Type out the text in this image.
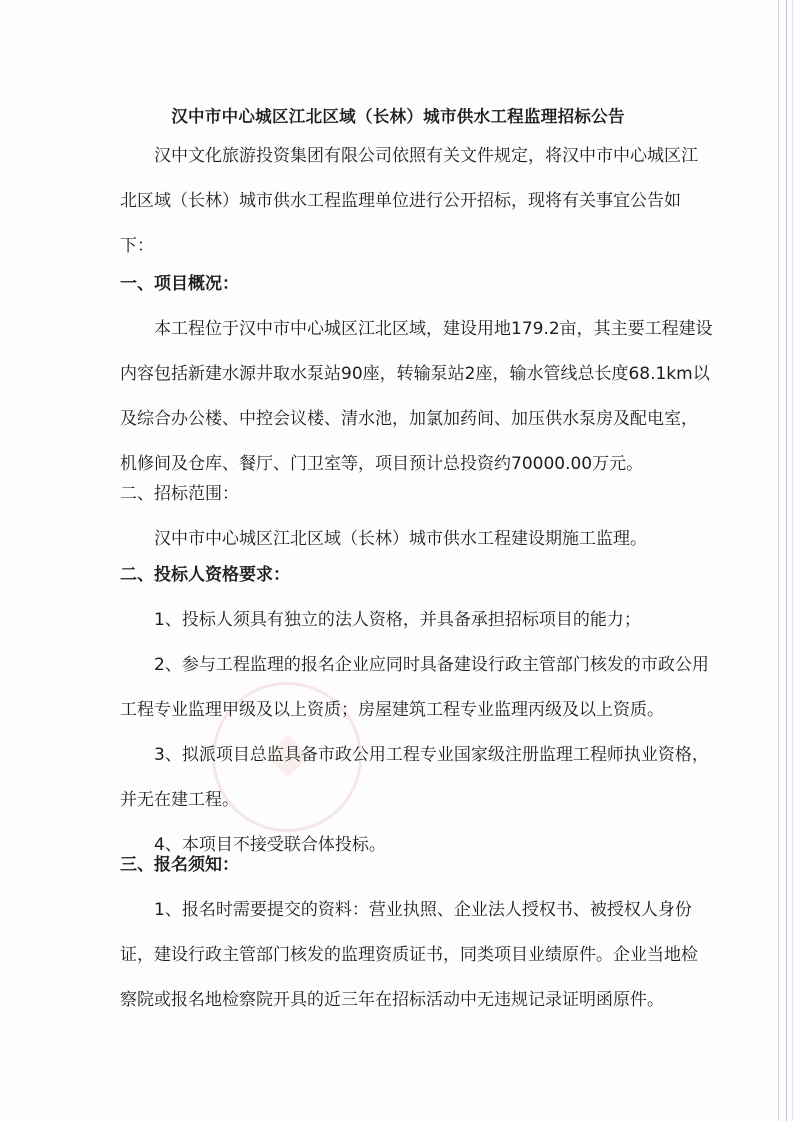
汉中市中心城区江北区域（长林）城市供水工程监理招标公告
汉中文化旅游投资集团有限公司依照有关文件规定，将汉中市中心城区江
北区域（长林）城市供水工程监理单位进行公开招标，现将有关事宜公告如
下：
一、项目概况：
本工程位于汉中市中心城区江北区域，建设用地179.2亩，其主要工程建设
内容包括新建水源井取水泵站90座，转输泵站2座，输水管线总长度68.1km以
及综合办公楼、中控会议楼、清水池，加氯加药间、加压供水泵房及配电室，
机修间及仓库、餐厅、门卫室等，项目预计总投资约70000.00万元。
二、招标范围：
汉中市中心城区江北区域（长林）城市供水工程建设期施工监理。
二、投标人资格要求：
1、投标人须具有独立的法人资格，并具备承担招标项目的能力；
2、参与工程监理的报名企业应同时具备建设行政主管部门核发的市政公用
工程专业监理甲级及以上资质；房屋建筑工程专业监理丙级及以上资质。
3、拟派项目总监具备市政公用工程专业国家级注册监理工程师执业资格，
并无在建工程。
4、本项目不接受联合体投标。
三、报名须知：
1、报名时需要提交的资料：营业执照、企业法人授权书、被授权人身份
证，建设行政主管部门核发的监理资质证书，同类项目业绩原件。企业当地检
察院或报名地检察院开具的近三年在招标活动中无违规记录证明函原件。
